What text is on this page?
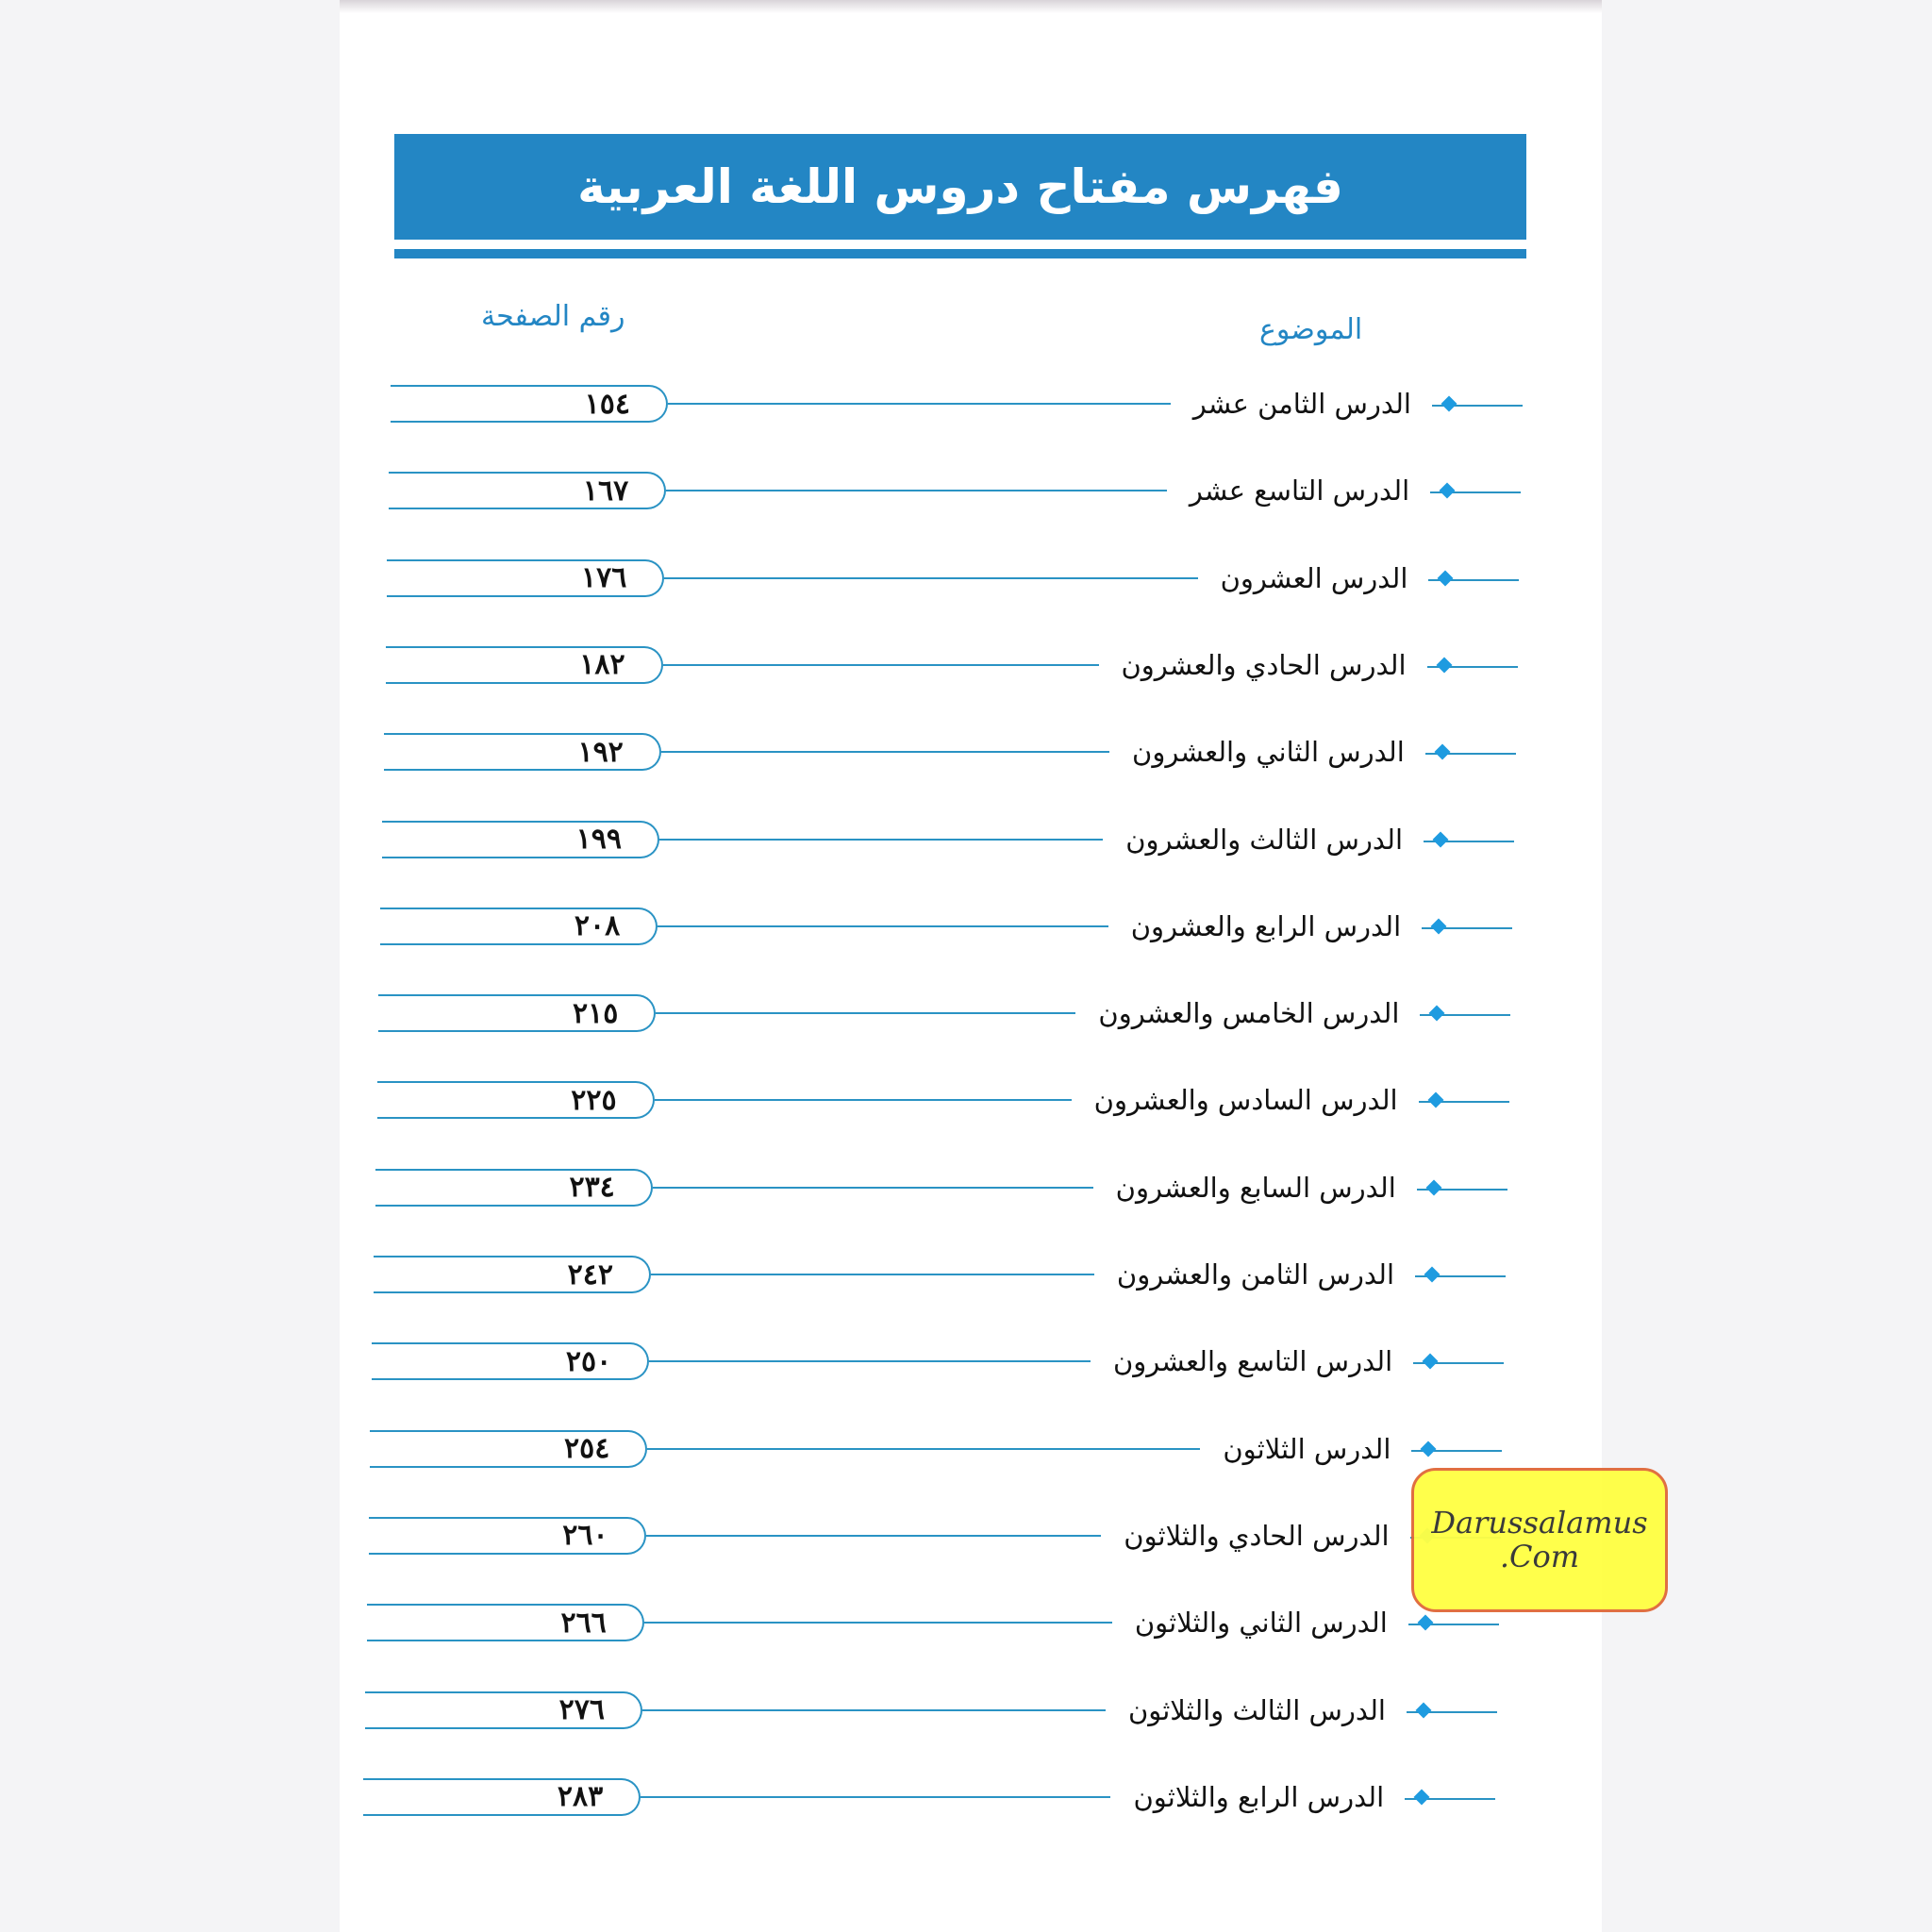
فهرس مفتاح دروس اللغة العربية
رقم الصفحة	الموضوع
١٥٤	الدرس الثامن عشر
١٦٧	الدرس التاسع عشر
١٧٦	الدرس العشرون
١٨٢	الدرس الحادي والعشرون
١٩٢	الدرس الثاني والعشرون
١٩٩	الدرس الثالث والعشرون
٢٠٨	الدرس الرابع والعشرون
٢١٥	الدرس الخامس والعشرون
٢٢٥	الدرس السادس والعشرون
٢٣٤	الدرس السابع والعشرون
٢٤٢	الدرس الثامن والعشرون
٢٥٠	الدرس التاسع والعشرون
٢٥٤	الدرس الثلاثون
٢٦٠	الدرس الحادي والثلاثون
٢٦٦	الدرس الثاني والثلاثون
٢٧٦	الدرس الثالث والثلاثون
٢٨٣	الدرس الرابع والثلاثون
Darussalamus
.Com
